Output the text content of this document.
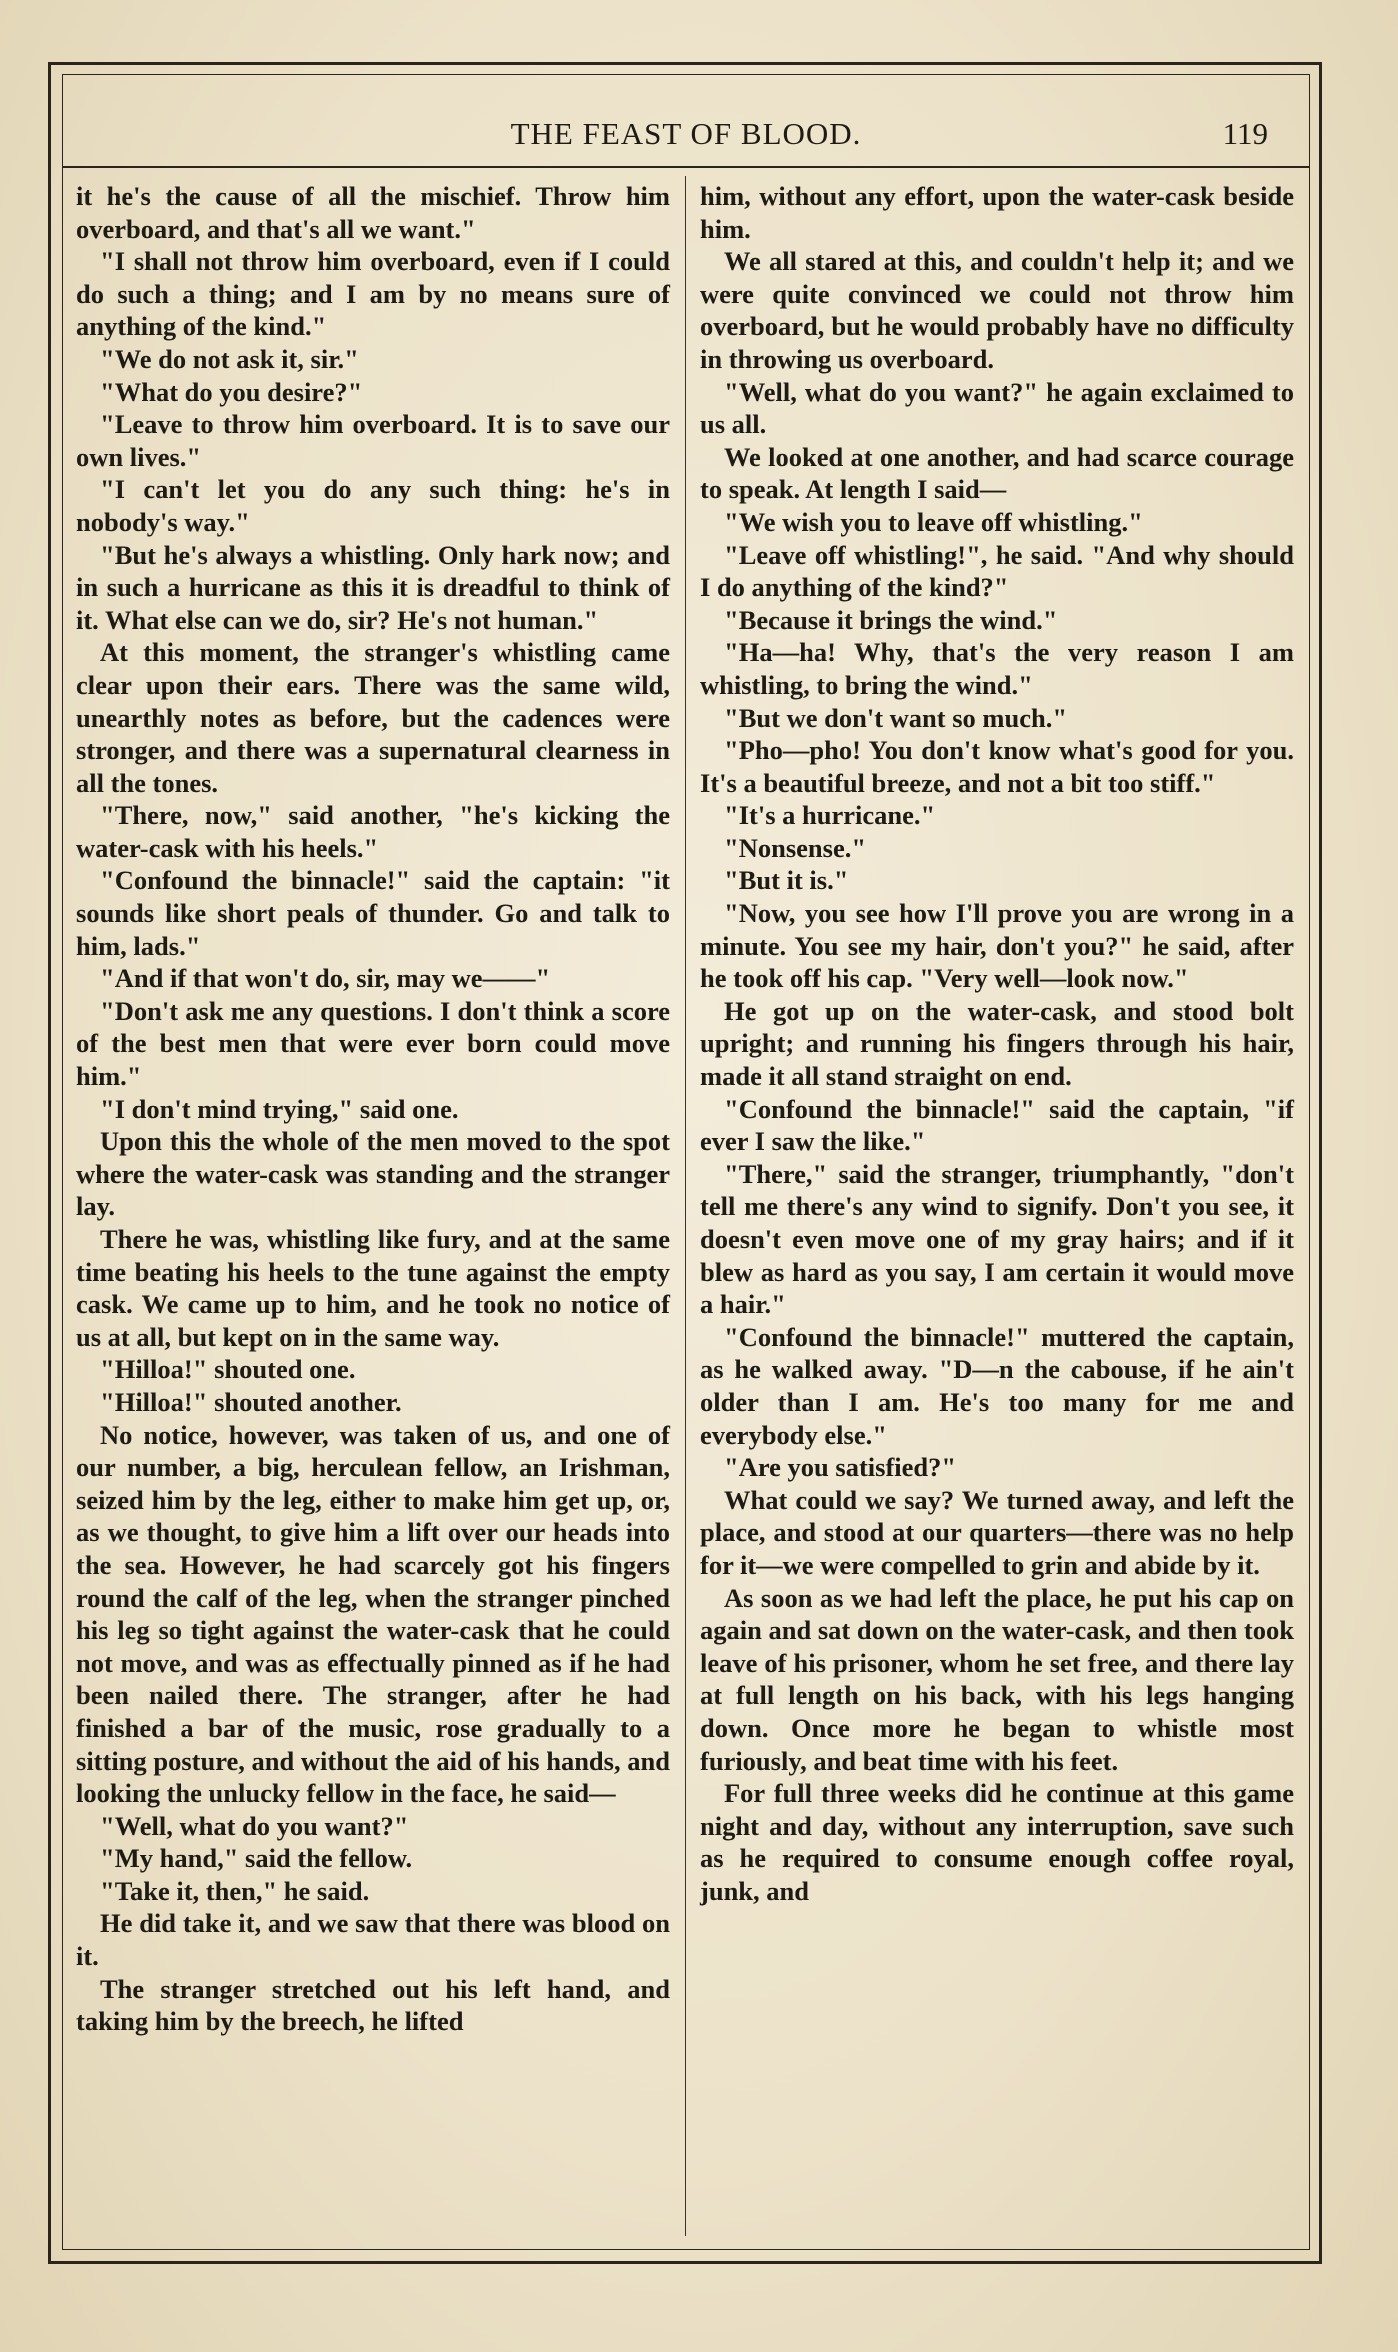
THE FEAST OF BLOOD.	119

it he's the cause of all the mischief. Throw him overboard, and that's all we want."

"I shall not throw him overboard, even if I could do such a thing; and I am by no means sure of anything of the kind."

"We do not ask it, sir."

"What do you desire?"

"Leave to throw him overboard. It is to save our own lives."

"I can't let you do any such thing: he's in nobody's way."

"But he's always a whistling. Only hark now; and in such a hurricane as this it is dreadful to think of it. What else can we do, sir? He's not human."

At this moment, the stranger's whistling came clear upon their ears. There was the same wild, unearthly notes as before, but the cadences were stronger, and there was a supernatural clearness in all the tones.

"There, now," said another, "he's kicking the water-cask with his heels."

"Confound the binnacle!" said the captain: "it sounds like short peals of thunder. Go and talk to him, lads."

"And if that won't do, sir, may we——"

"Don't ask me any questions. I don't think a score of the best men that were ever born could move him."

"I don't mind trying," said one.

Upon this the whole of the men moved to the spot where the water-cask was standing and the stranger lay.

There he was, whistling like fury, and at the same time beating his heels to the tune against the empty cask. We came up to him, and he took no notice of us at all, but kept on in the same way.

"Hilloa!" shouted one.

"Hilloa!" shouted another.

No notice, however, was taken of us, and one of our number, a big, herculean fellow, an Irishman, seized him by the leg, either to make him get up, or, as we thought, to give him a lift over our heads into the sea. However, he had scarcely got his fingers round the calf of the leg, when the stranger pinched his leg so tight against the water-cask that he could not move, and was as effectually pinned as if he had been nailed there. The stranger, after he had finished a bar of the music, rose gradually to a sitting posture, and without the aid of his hands, and looking the unlucky fellow in the face, he said—

"Well, what do you want?"

"My hand," said the fellow.

"Take it, then," he said.

He did take it, and we saw that there was blood on it.

The stranger stretched out his left hand, and taking him by the breech, he lifted

him, without any effort, upon the water-cask beside him.

We all stared at this, and couldn't help it; and we were quite convinced we could not throw him overboard, but he would probably have no difficulty in throwing us overboard.

"Well, what do you want?" he again exclaimed to us all.

We looked at one another, and had scarce courage to speak. At length I said—

"We wish you to leave off whistling."

"Leave off whistling!", he said. "And why should I do anything of the kind?"

"Because it brings the wind."

"Ha—ha! Why, that's the very reason I am whistling, to bring the wind."

"But we don't want so much."

"Pho—pho! You don't know what's good for you. It's a beautiful breeze, and not a bit too stiff."

"It's a hurricane."

"Nonsense."

"But it is."

"Now, you see how I'll prove you are wrong in a minute. You see my hair, don't you?" he said, after he took off his cap. "Very well—look now."

He got up on the water-cask, and stood bolt upright; and running his fingers through his hair, made it all stand straight on end.

"Confound the binnacle!" said the captain, "if ever I saw the like."

"There," said the stranger, triumphantly, "don't tell me there's any wind to signify. Don't you see, it doesn't even move one of my gray hairs; and if it blew as hard as you say, I am certain it would move a hair."

"Confound the binnacle!" muttered the captain, as he walked away. "D—n the cabouse, if he ain't older than I am. He's too many for me and everybody else."

"Are you satisfied?"

What could we say? We turned away, and left the place, and stood at our quarters—there was no help for it—we were compelled to grin and abide by it.

As soon as we had left the place, he put his cap on again and sat down on the water-cask, and then took leave of his prisoner, whom he set free, and there lay at full length on his back, with his legs hanging down. Once more he began to whistle most furiously, and beat time with his feet.

For full three weeks did he continue at this game night and day, without any interruption, save such as he required to consume enough coffee royal, junk, and
